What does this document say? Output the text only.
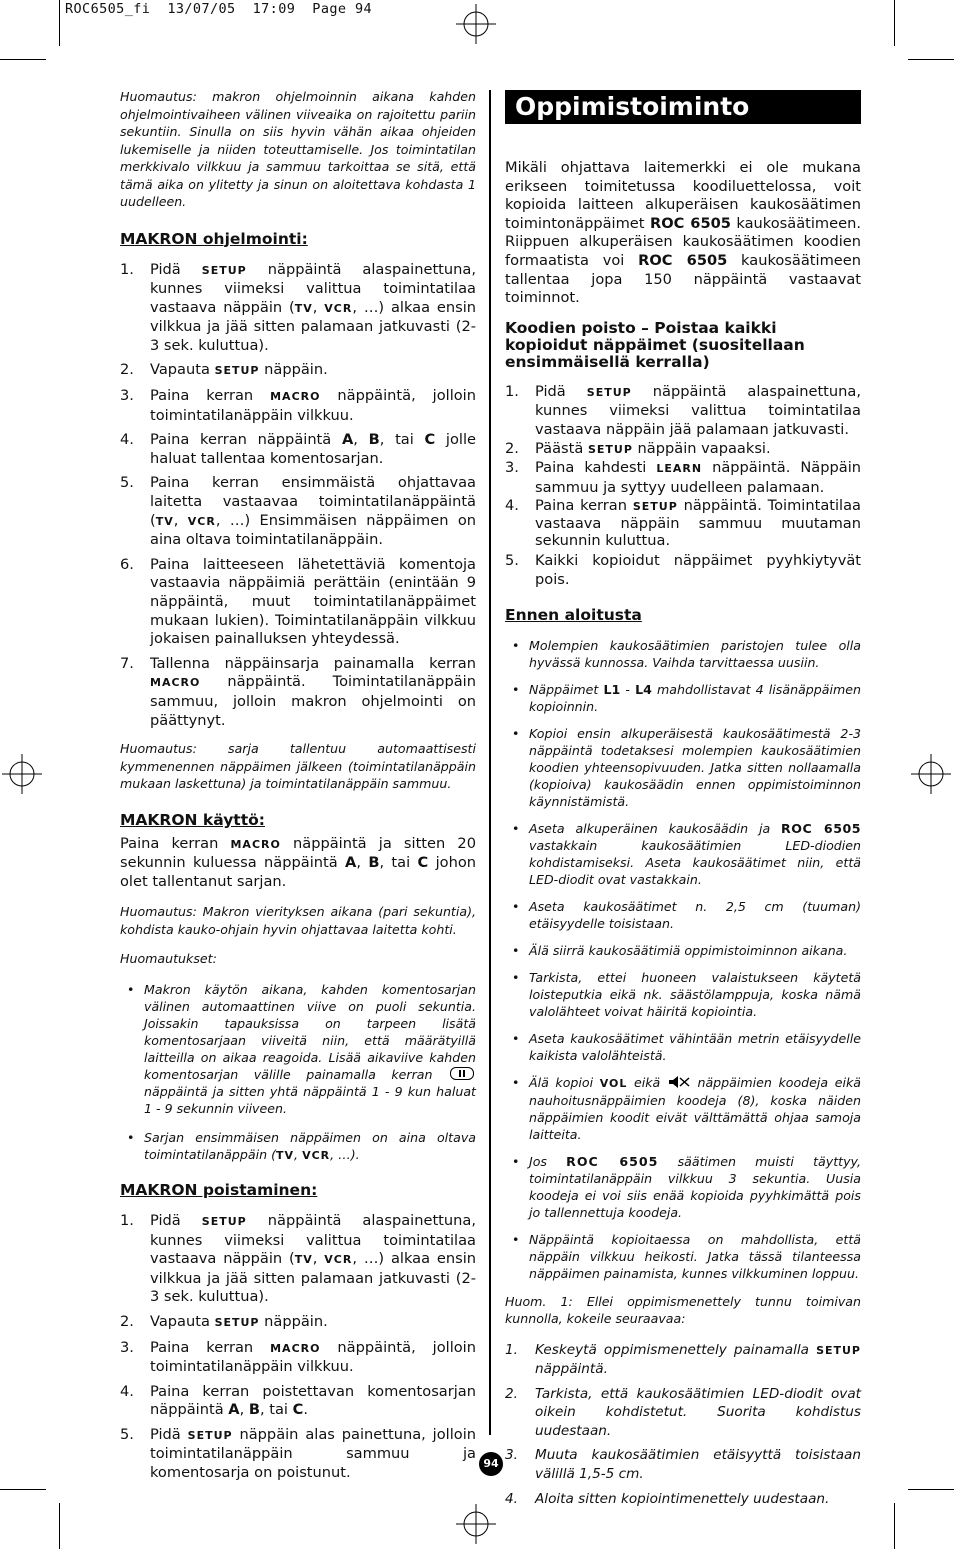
ROC6505_fi  13/07/05  17:09  Page 94

Huomautus: makron ohjelmoinnin aikana kahden ohjelmointivaiheen välinen viiveaika on rajoitettu pariin sekuntiin. Sinulla on siis hyvin vähän aikaa ohjeiden lukemiselle ja niiden toteuttamiselle. Jos toimintatilan merkkivalo vilkkuu ja sammuu tarkoittaa se sitä, että tämä aika on ylitetty ja sinun on aloitettava kohdasta 1 uudelleen.

MAKRON ohjelmointi:

1. Pidä SETUP näppäintä alaspainettuna, kunnes viimeksi valittua toimintatilaa vastaava näppäin (TV, VCR, …) alkaa ensin vilkkua ja jää sitten palamaan jatkuvasti (2-3 sek. kuluttua).
2. Vapauta SETUP näppäin.
3. Paina kerran MACRO näppäintä, jolloin toimintatilanäppäin vilkkuu.
4. Paina kerran näppäintä A, B, tai C jolle haluat tallentaa komentosarjan.
5. Paina kerran ensimmäistä ohjattavaa laitetta vastaavaa toimintatilanäppäintä (TV, VCR, …) Ensimmäisen näppäimen on aina oltava toimintatilanäppäin.
6. Paina laitteeseen lähetettäviä komentoja vastaavia näppäimiä perättäin (enintään 9 näppäintä, muut toimintatilanäppäimet mukaan lukien). Toimintatilanäppäin vilkkuu jokaisen painalluksen yhteydessä.
7. Tallenna näppäinsarja painamalla kerran MACRO näppäintä. Toimintatilanäppäin sammuu, jolloin makron ohjelmointi on päättynyt.

Huomautus: sarja tallentuu automaattisesti kymmenennen näppäimen jälkeen (toimintatilanäppäin mukaan laskettuna) ja toimintatilanäppäin sammuu.

MAKRON käyttö:

Paina kerran MACRO näppäintä ja sitten 20 sekunnin kuluessa näppäintä A, B, tai C johon olet tallentanut sarjan.

Huomautus: Makron vierityksen aikana (pari sekuntia), kohdista kauko-ohjain hyvin ohjattavaa laitetta kohti.

Huomautukset:

• Makron käytön aikana, kahden komentosarjan välinen automaattinen viive on puoli sekuntia. Joissakin tapauksissa on tarpeen lisätä komentosarjaan viiveitä niin, että määrätyillä laitteilla on aikaa reagoida. Lisää aikaviive kahden komentosarjan välille painamalla kerran  näppäintä ja sitten yhtä näppäintä 1 - 9 kun haluat 1 - 9 sekunnin viiveen.
• Sarjan ensimmäisen näppäimen on aina oltava toimintatilanäppäin (TV, VCR, …).

MAKRON poistaminen:

1. Pidä SETUP näppäintä alaspainettuna, kunnes viimeksi valittua toimintatilaa vastaava näppäin (TV, VCR, …) alkaa ensin vilkkua ja jää sitten palamaan jatkuvasti (2-3 sek. kuluttua).
2. Vapauta SETUP näppäin.
3. Paina kerran MACRO näppäintä, jolloin toimintatilanäppäin vilkkuu.
4. Paina kerran poistettavan komentosarjan näppäintä A, B, tai C.
5. Pidä SETUP näppäin alas painettuna, jolloin toimintatilanäppäin sammuu ja komentosarja on poistunut.
Oppimistoiminto (learning)

Mikäli ohjattava laitemerkki ei ole mukana erikseen toimitetussa koodiluettelossa, voit kopioida laitteen alkuperäisen kaukosäätimen toimintonäppäimet ROC 6505 kaukosäätimeen. Riippuen alkuperäisen kaukosäätimen koodien formaatista voi ROC 6505 kaukosäätimeen tallentaa jopa 150 näppäintä vastaavat toiminnot.

Koodien poisto – Poistaa kaikki kopioidut näppäimet (suositellaan ensimmäisellä kerralla)

1. Pidä SETUP näppäintä alaspainettuna, kunnes viimeksi valittua toimintatilaa vastaava näppäin jää palamaan jatkuvasti.
2. Päästä SETUP näppäin vapaaksi.
3. Paina kahdesti LEARN näppäintä. Näppäin sammuu ja syttyy uudelleen palamaan.
4. Paina kerran SETUP näppäintä. Toimintatilaa vastaava näppäin sammuu muutaman sekunnin kuluttua.
5. Kaikki kopioidut näppäimet pyyhkiytyvät pois.

Ennen aloitusta

• Molempien kaukosäätimien paristojen tulee olla hyvässä kunnossa. Vaihda tarvittaessa uusiin.
• Näppäimet L1 - L4 mahdollistavat 4 lisänäppäimen kopioinnin.
• Kopioi ensin alkuperäisestä kaukosäätimestä 2-3 näppäintä todetaksesi molempien kaukosäätimien koodien yhteensopivuuden. Jatka sitten nollaamalla (kopioiva) kaukosäädin ennen oppimistoiminnon käynnistämistä.
• Aseta alkuperäinen kaukosäädin ja ROC 6505 vastakkain kaukosäätimien LED-diodien kohdistamiseksi. Aseta kaukosäätimet niin, että LED-diodit ovat vastakkain.
• Aseta kaukosäätimet n. 2,5 cm (tuuman) etäisyydelle toisistaan.
• Älä siirrä kaukosäätimiä oppimistoiminnon aikana.
• Tarkista, ettei huoneen valaistukseen käytetä loisteputkia eikä nk. säästölamppuja, koska nämä valolähteet voivat häiritä kopiointia.
• Aseta kaukosäätimet vähintään metrin etäisyydelle kaikista valolähteistä.
• Älä kopioi VOL eikä  näppäimien koodeja eikä nauhoitusnäppäimien koodeja (8), koska näiden näppäimien koodit eivät välttämättä ohjaa samoja laitteita.
• Jos ROC 6505 säätimen muisti täyttyy, toimintatilanäppäin vilkkuu 3 sekuntia. Uusia koodeja ei voi siis enää kopioida pyyhkimättä pois jo tallennettuja koodeja.
• Näppäintä kopioitaessa on mahdollista, että näppäin vilkkuu heikosti. Jatka tässä tilanteessa näppäimen painamista, kunnes vilkkuminen loppuu.

Huom. 1: Ellei oppimismenettely tunnu toimivan kunnolla, kokeile seuraavaa:

1. Keskeytä oppimismenettely painamalla SETUP näppäintä.
2. Tarkista, että kaukosäätimien LED-diodit ovat oikein kohdistetut. Suorita kohdistus uudestaan.
3. Muuta kaukosäätimien etäisyyttä toisistaan välillä 1,5-5 cm.
4. Aloita sitten kopiointimenettely uudestaan.
94
